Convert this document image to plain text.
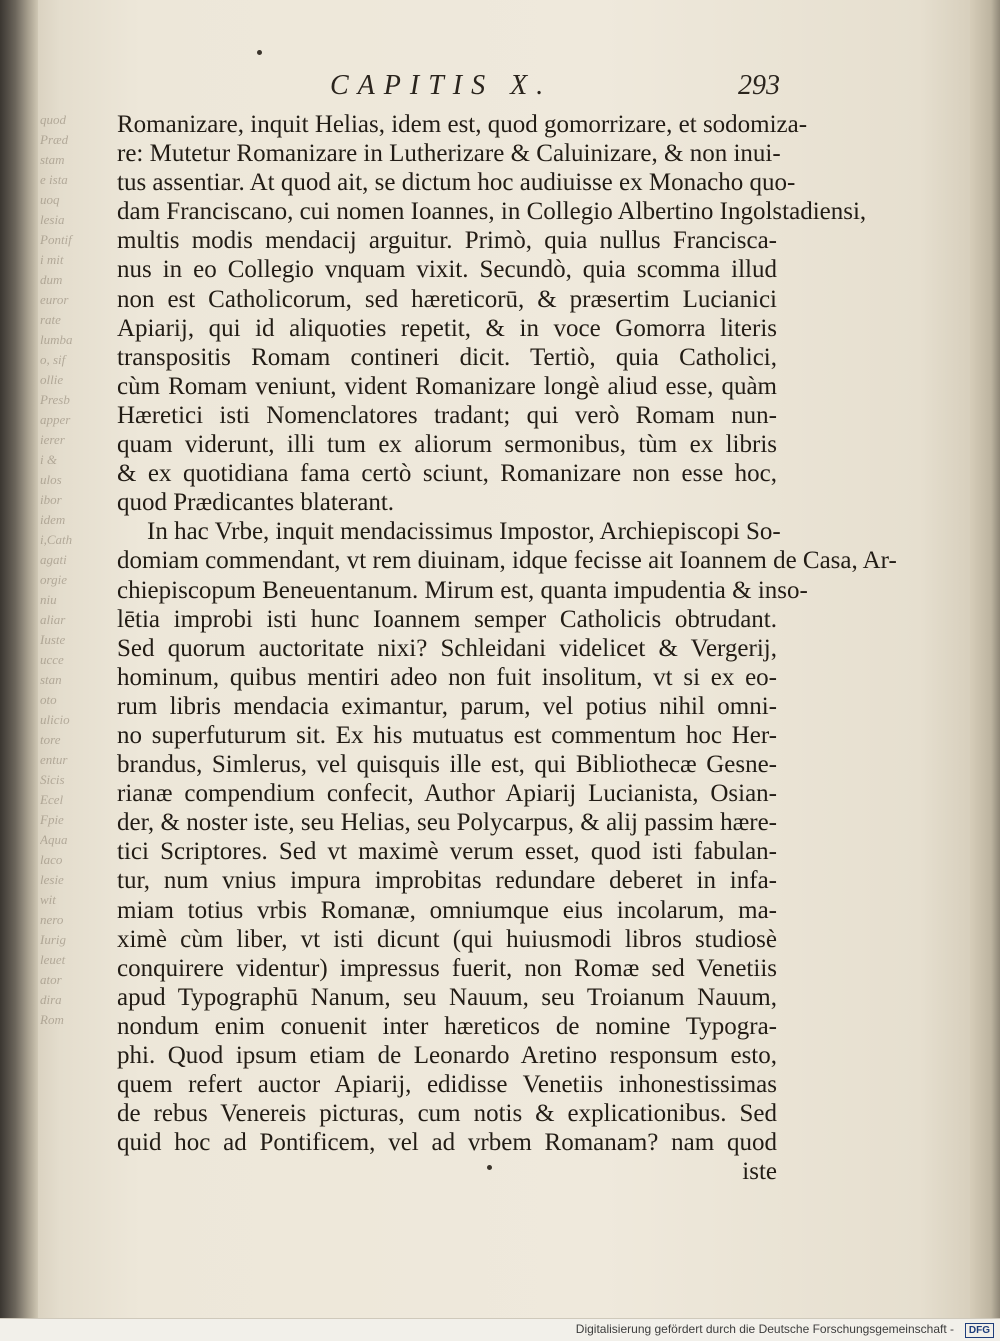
quod
Præd
stam
e ista
uoq
lesia
Pontif
i mit
dum
euror
rate
lumba
o, sif
ollie
Presb
apper
ierer
i &
ulos
ibor
idem
i,Cath
agati
orgie
niu
aliar
Iuste
ucce
stan
oto
ulicio
tore
entur
Sicis
Ecel
Fpie
Aqua
laco
lesie
wit
nero
Iurig
leuet
ator
dira
Rom
CAPITIS X.	293
Romanizare, inquit Helias, idem est, quod gomorrizare, et sodomiza-
re: Mutetur Romanizare in Lutherizare & Caluinizare, & non inui-
tus assentiar. At quod ait, se dictum hoc audiuisse ex Monacho quo-
dam Franciscano, cui nomen Ioannes, in Collegio Albertino Ingolstadiensi,
multis modis mendacij arguitur. Primò, quia nullus Francisca-
nus in eo Collegio vnquam vixit. Secundò, quia scomma illud
non est Catholicorum, sed hæreticorū, & præsertim Lucianici
Apiarij, qui id aliquoties repetit, & in voce Gomorra literis
transpositis Romam contineri dicit. Tertiò, quia Catholici,
cùm Romam veniunt, vident Romanizare longè aliud esse, quàm
Hæretici isti Nomenclatores tradant; qui verò Romam nun-
quam viderunt, illi tum ex aliorum sermonibus, tùm ex libris
& ex quotidiana fama certò sciunt, Romanizare non esse hoc,
quod Prædicantes blaterant.
In hac Vrbe, inquit mendacissimus Impostor, Archiepiscopi So-
domiam commendant, vt rem diuinam, idque fecisse ait Ioannem de Casa, Ar-
chiepiscopum Beneuentanum. Mirum est, quanta impudentia & inso-
lētia improbi isti hunc Ioannem semper Catholicis obtrudant.
Sed quorum auctoritate nixi? Schleidani videlicet & Vergerij,
hominum, quibus mentiri adeo non fuit insolitum, vt si ex eo-
rum libris mendacia eximantur, parum, vel potius nihil omni-
no superfuturum sit. Ex his mutuatus est commentum hoc Her-
brandus, Simlerus, vel quisquis ille est, qui Bibliothecæ Gesne-
rianæ compendium confecit, Author Apiarij Lucianista, Osian-
der, & noster iste, seu Helias, seu Polycarpus, & alij passim hære-
tici Scriptores. Sed vt maximè verum esset, quod isti fabulan-
tur, num vnius impura improbitas redundare deberet in infa-
miam totius vrbis Romanæ, omniumque eius incolarum, ma-
ximè cùm liber, vt isti dicunt (qui huiusmodi libros studiosè
conquirere videntur) impressus fuerit, non Romæ sed Venetiis
apud Typographū Nanum, seu Nauum, seu Troianum Nauum,
nondum enim conuenit inter hæreticos de nomine Typogra-
phi. Quod ipsum etiam de Leonardo Aretino responsum esto,
quem refert auctor Apiarij, edidisse Venetiis inhonestissimas
de rebus Venereis picturas, cum notis & explicationibus. Sed
quid hoc ad Pontificem, vel ad vrbem Romanam? nam quod
iste
Digitalisierung gefördert durch die Deutsche Forschungsgemeinschaft -	DFG
